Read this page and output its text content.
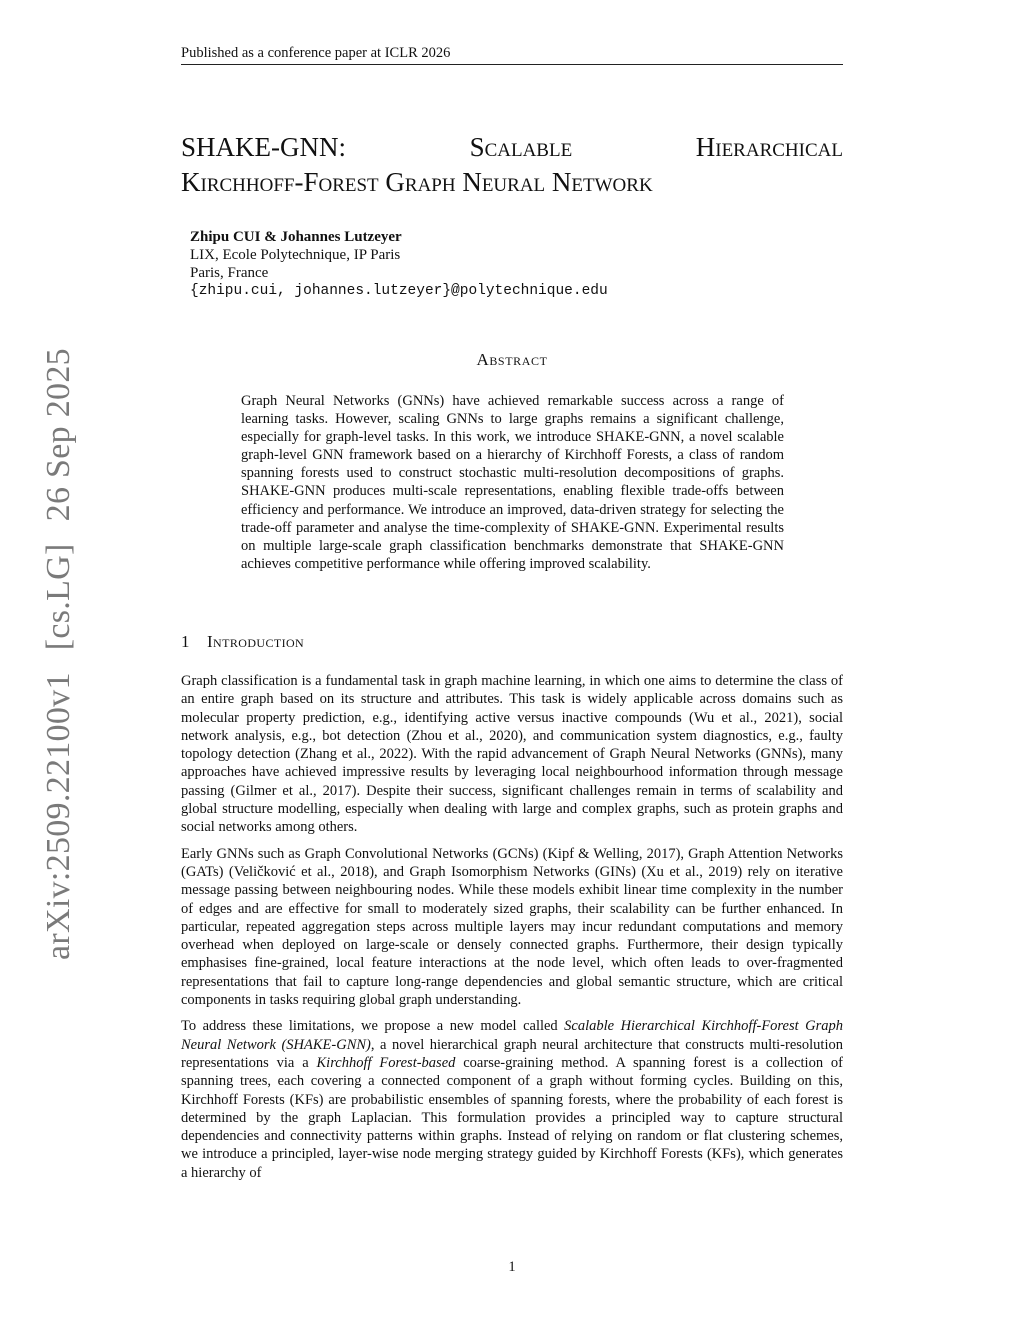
Published as a conference paper at ICLR 2026
arXiv:2509.22100v1[cs.LG]26 Sep 2025
SHAKE-GNN:	Scalable	Hierarchical
Kirchhoff-Forest Graph Neural Network
Zhipu CUI & Johannes Lutzeyer
LIX, Ecole Polytechnique, IP Paris
Paris, France
{zhipu.cui, johannes.lutzeyer}@polytechnique.edu
Abstract
Graph Neural Networks (GNNs) have achieved remarkable success across a range of learning tasks. However, scaling GNNs to large graphs remains a significant challenge, especially for graph-level tasks. In this work, we introduce SHAKE-GNN, a novel scalable graph-level GNN framework based on a hierarchy of Kirchhoff Forests, a class of random spanning forests used to construct stochastic multi-resolution decompositions of graphs. SHAKE-GNN produces multi-scale representations, enabling flexible trade-offs between efficiency and performance. We introduce an improved, data-driven strategy for selecting the trade-off parameter and analyse the time-complexity of SHAKE-GNN. Experimental results on multiple large-scale graph classification benchmarks demonstrate that SHAKE-GNN achieves competitive performance while offering improved scalability.
1 Introduction

Graph classification is a fundamental task in graph machine learning, in which one aims to determine the class of an entire graph based on its structure and attributes. This task is widely applicable across domains such as molecular property prediction, e.g., identifying active versus inactive compounds (Wu et al., 2021), social network analysis, e.g., bot detection (Zhou et al., 2020), and communication system diagnostics, e.g., faulty topology detection (Zhang et al., 2022). With the rapid advancement of Graph Neural Networks (GNNs), many approaches have achieved impressive results by leveraging local neighbourhood information through message passing (Gilmer et al., 2017). Despite their success, significant challenges remain in terms of scalability and global structure modelling, especially when dealing with large and complex graphs, such as protein graphs and social networks among others.

Early GNNs such as Graph Convolutional Networks (GCNs) (Kipf & Welling, 2017), Graph Attention Networks (GATs) (Veličković et al., 2018), and Graph Isomorphism Networks (GINs) (Xu et al., 2019) rely on iterative message passing between neighbouring nodes. While these models exhibit linear time complexity in the number of edges and are effective for small to moderately sized graphs, their scalability can be further enhanced. In particular, repeated aggregation steps across multiple layers may incur redundant computations and memory overhead when deployed on large-scale or densely connected graphs. Furthermore, their design typically emphasises fine-grained, local feature interactions at the node level, which often leads to over-fragmented representations that fail to capture long-range dependencies and global semantic structure, which are critical components in tasks requiring global graph understanding.

To address these limitations, we propose a new model called Scalable Hierarchical Kirchhoff-Forest Graph Neural Network (SHAKE-GNN), a novel hierarchical graph neural architecture that constructs multi-resolution representations via a Kirchhoff Forest-based coarse-graining method. A spanning forest is a collection of spanning trees, each covering a connected component of a graph without forming cycles. Building on this, Kirchhoff Forests (KFs) are probabilistic ensembles of spanning forests, where the probability of each forest is determined by the graph Laplacian. This formulation provides a principled way to capture structural dependencies and connectivity patterns within graphs. Instead of relying on random or flat clustering schemes, we introduce a principled, layer-wise node merging strategy guided by Kirchhoff Forests (KFs), which generates a hierarchy of

1
